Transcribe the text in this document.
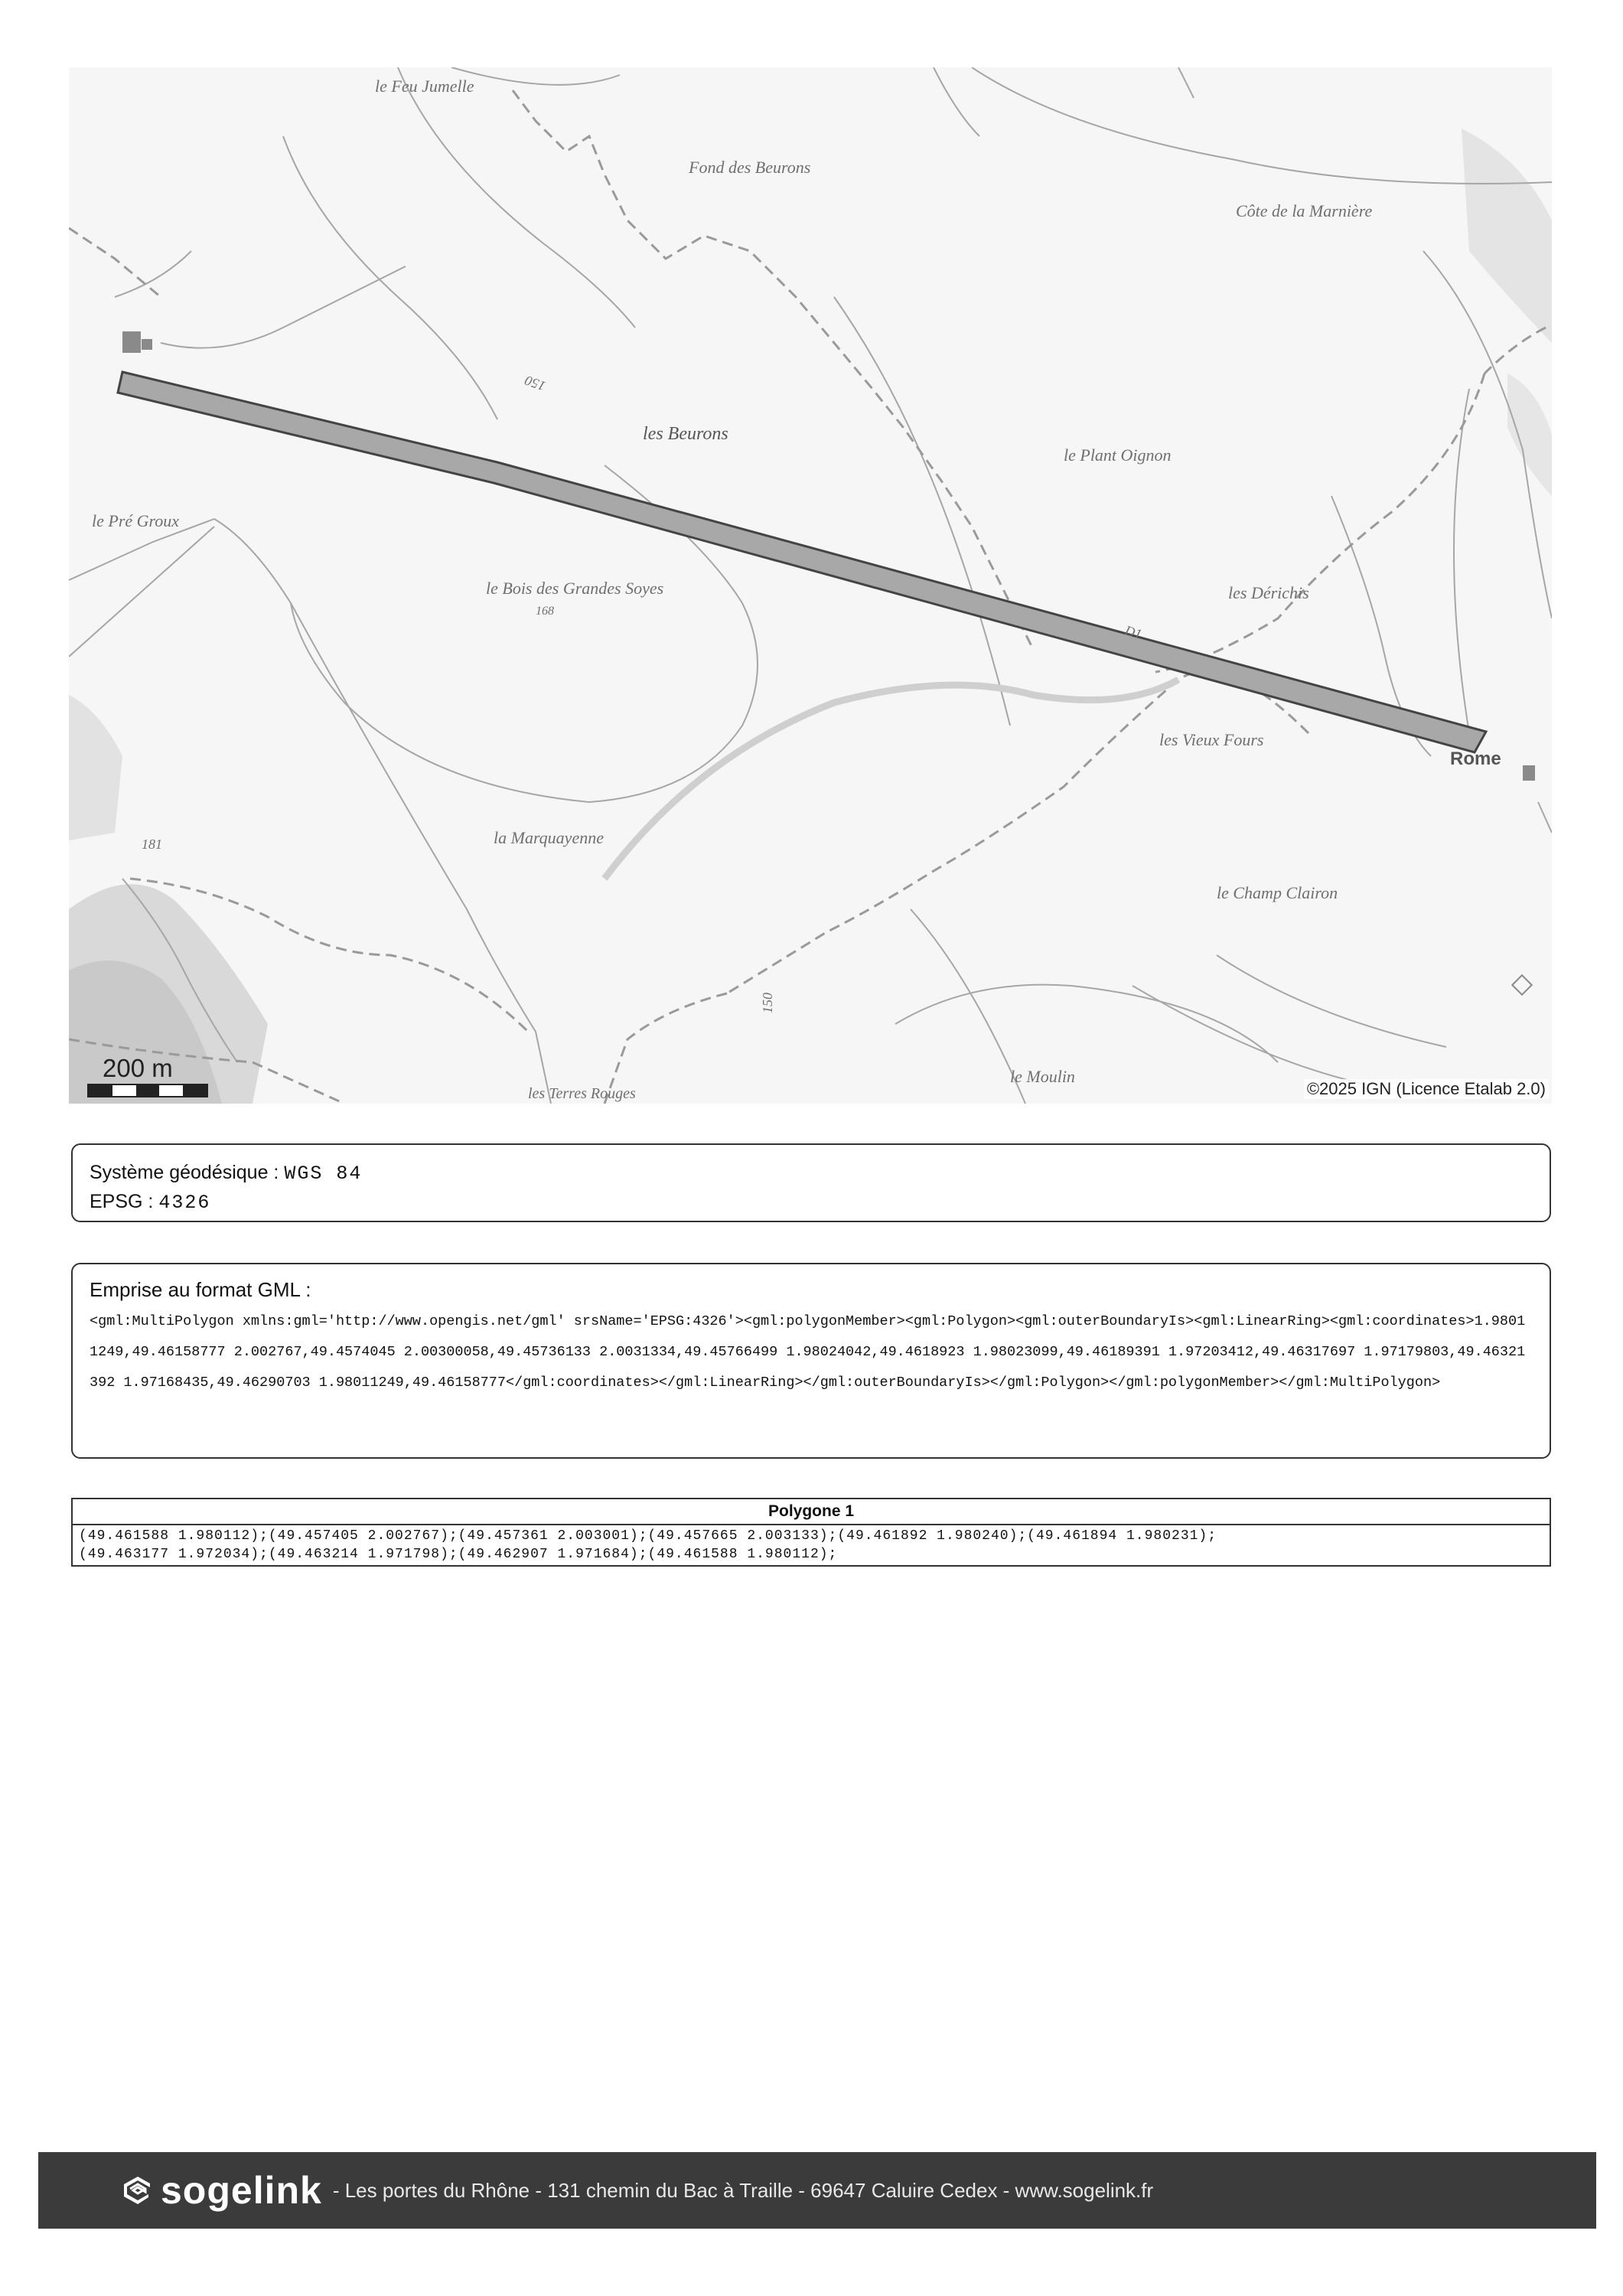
le Feu Jumelle
Fond des Beurons
Côte de la Marnière
les Beurons
le Plant Oignon
le Pré Groux
le Bois des Grandes Soyes
168
les Dérichis
les Vieux Fours
Rome
la Marquayenne
le Champ Clairon
le Moulin
les Terres Rouges
181
150
150
D1
200 m
©2025 IGN (Licence Etalab 2.0)
Système géodésique : WGS 84
EPSG : 4326
Emprise au format GML :
<gml:MultiPolygon xmlns:gml='http://www.opengis.net/gml' srsName='EPSG:4326'><gml:polygonMember><gml:Polygon><gml:outerBoundaryIs><gml:LinearRing><gml:coordinates>1.98011249,49.46158777 2.002767,49.4574045 2.00300058,49.45736133 2.0031334,49.45766499 1.98024042,49.4618923 1.98023099,49.46189391 1.97203412,49.46317697 1.97179803,49.46321392 1.97168435,49.46290703 1.98011249,49.46158777</gml:coordinates></gml:LinearRing></gml:outerBoundaryIs></gml:Polygon></gml:polygonMember></gml:MultiPolygon>
Polygone 1
(49.461588 1.980112);(49.457405 2.002767);(49.457361 2.003001);(49.457665 2.003133);(49.461892 1.980240);(49.461894 1.980231);
(49.463177 1.972034);(49.463214 1.971798);(49.462907 1.971684);(49.461588 1.980112);
sogelink - Les portes du Rhône - 131 chemin du Bac à Traille - 69647 Caluire Cedex - www.sogelink.fr
